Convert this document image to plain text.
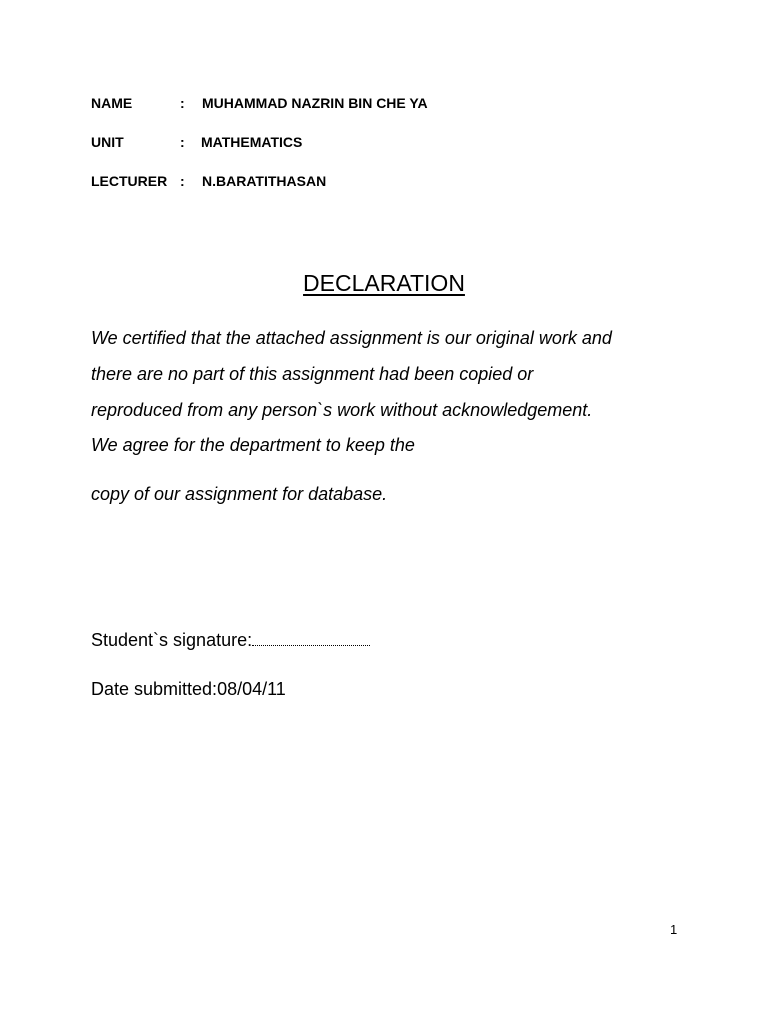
NAME	: MUHAMMAD NAZRIN BIN CHE YA
UNIT	: MATHEMATICS
LECTURER : N.BARATITHASAN
DECLARATION
We certified that the attached assignment is our original work and
there are no part of this assignment had been copied or
reproduced from any person`s work without acknowledgement.
We agree for the department to keep the
copy of our assignment for database.
Student`s signature:
Date submitted:08/04/11
1
